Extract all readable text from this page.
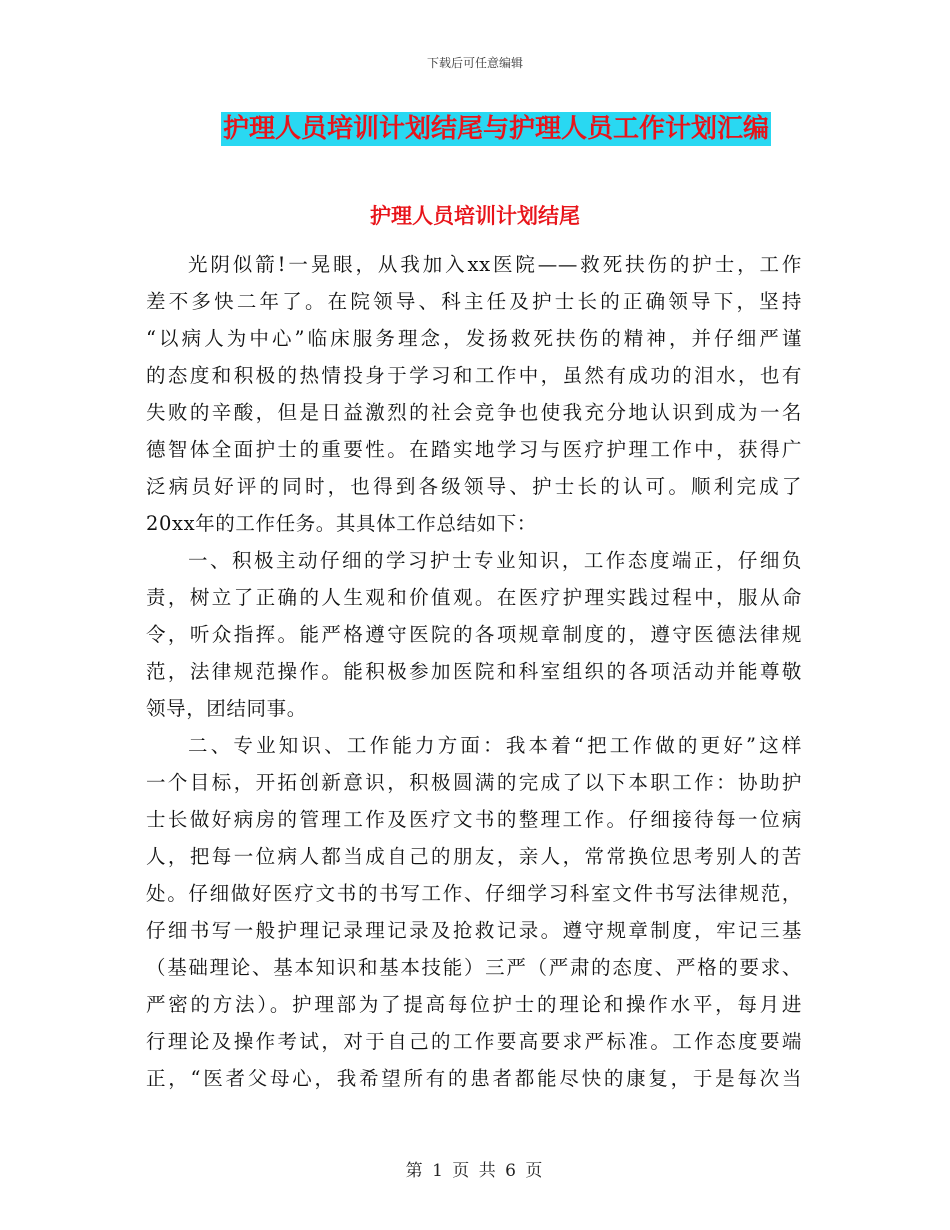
下载后可任意编辑
护理人员培训计划结尾与护理人员工作计划汇编
护理人员培训计划结尾
光阴似箭!一晃眼，从我加入xx医院——救死扶伤的护士，工作
差不多快二年了。在院领导、科主任及护士长的正确领导下，坚持
“以病人为中心”临床服务理念，发扬救死扶伤的精神，并仔细严谨
的态度和积极的热情投身于学习和工作中，虽然有成功的泪水，也有
失败的辛酸，但是日益激烈的社会竞争也使我充分地认识到成为一名
德智体全面护士的重要性。在踏实地学习与医疗护理工作中，获得广
泛病员好评的同时，也得到各级领导、护士长的认可。顺利完成了
20xx年的工作任务。其具体工作总结如下：
一、积极主动仔细的学习护士专业知识，工作态度端正，仔细负
责，树立了正确的人生观和价值观。在医疗护理实践过程中，服从命
令，听众指挥。能严格遵守医院的各项规章制度的，遵守医德法律规
范，法律规范操作。能积极参加医院和科室组织的各项活动并能尊敬
领导，团结同事。
二、专业知识、工作能力方面：我本着“把工作做的更好”这样
一个目标，开拓创新意识，积极圆满的完成了以下本职工作：协助护
士长做好病房的管理工作及医疗文书的整理工作。仔细接待每一位病
人，把每一位病人都当成自己的朋友，亲人，常常换位思考别人的苦
处。仔细做好医疗文书的书写工作、仔细学习科室文件书写法律规范，
仔细书写一般护理记录理记录及抢救记录。遵守规章制度，牢记三基
（基础理论、基本知识和基本技能）三严（严肃的态度、严格的要求、
严密的方法）。护理部为了提高每位护士的理论和操作水平，每月进
行理论及操作考试，对于自己的工作要高要求严标准。工作态度要端
正，“医者父母心，我希望所有的患者都能尽快的康复，于是每次当
第 1 页 共 6 页
